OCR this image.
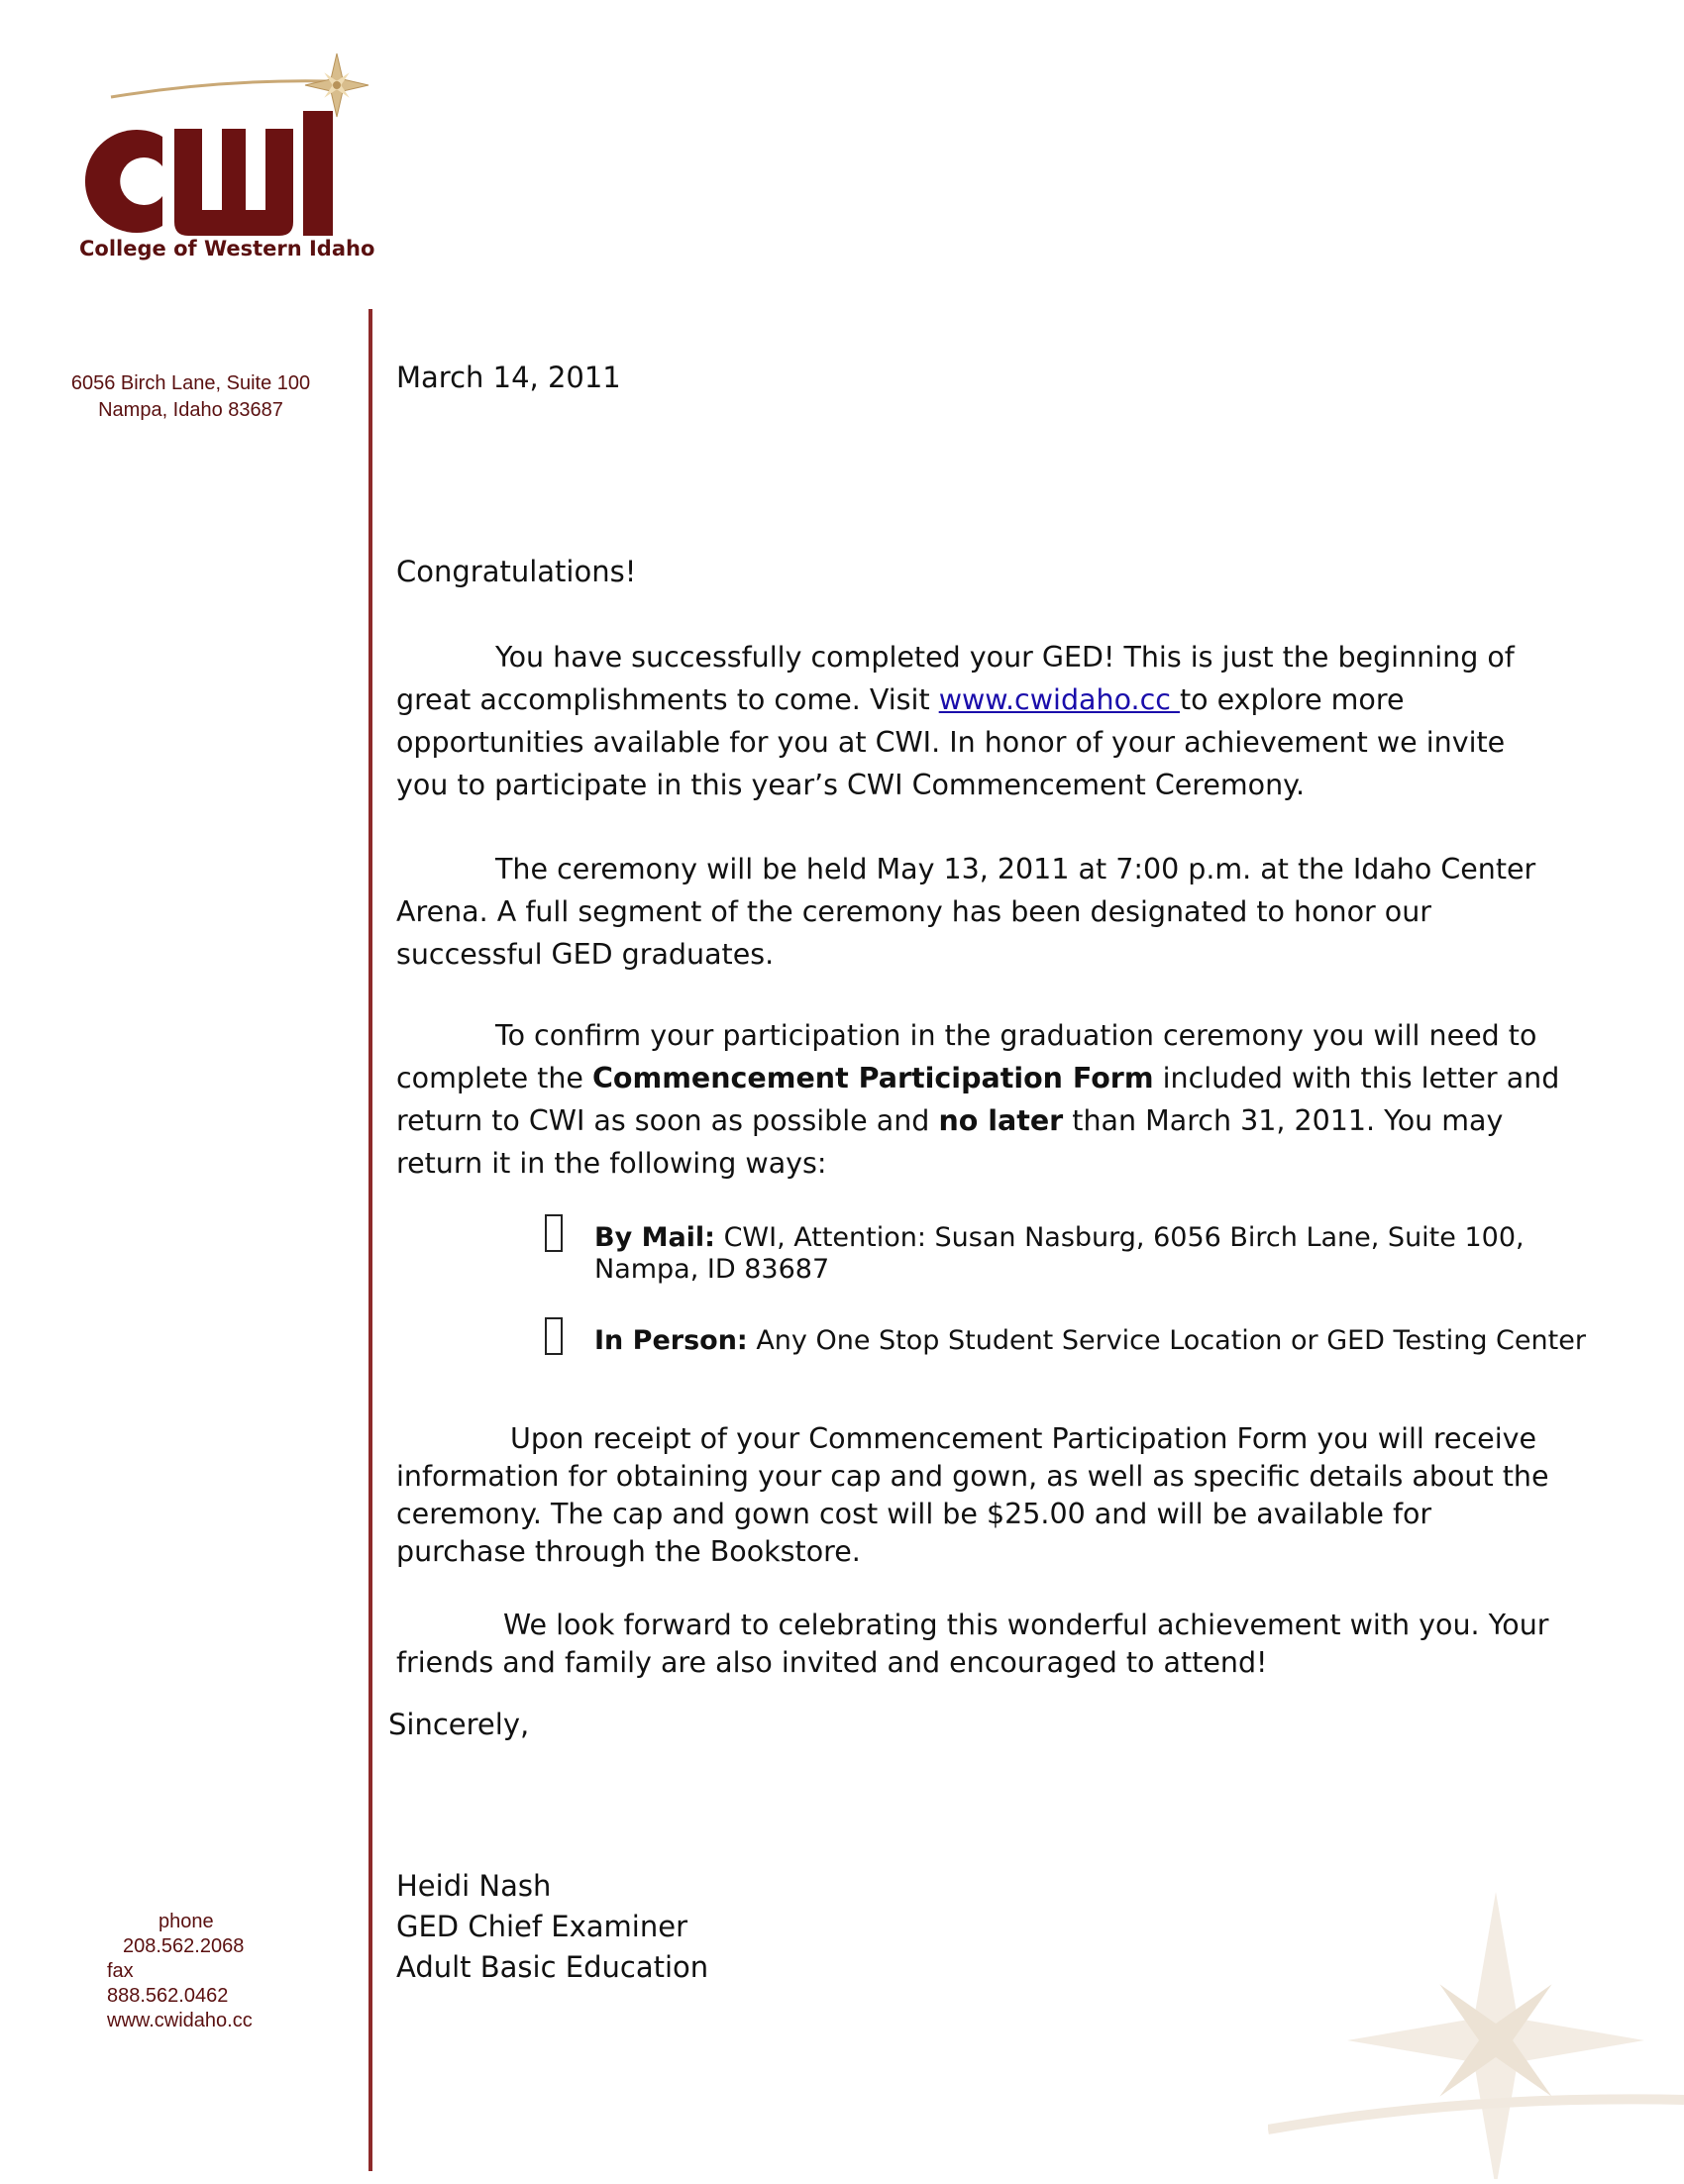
College of Western Idaho
6056 Birch Lane, Suite 100
Nampa, Idaho 83687
phone
208.562.2068
fax
888.562.0462
www.cwidaho.cc
March 14, 2011
Congratulations!
You have successfully completed your GED! This is just the beginning of great accomplishments to come. Visit www.cwidaho.cc to explore more opportunities available for you at CWI. In honor of your achievement we invite you to participate in this year’s CWI Commencement Ceremony.
The ceremony will be held May 13, 2011 at 7:00 p.m. at the Idaho Center Arena. A full segment of the ceremony has been designated to honor our successful GED graduates.
To confirm your participation in the graduation ceremony you will need to complete the Commencement Participation Form included with this letter and return to CWI as soon as possible and no later than March 31, 2011. You may return it in the following ways:
By Mail: CWI, Attention: Susan Nasburg, 6056 Birch Lane, Suite 100, Nampa, ID 83687
In Person: Any One Stop Student Service Location or GED Testing Center
Upon receipt of your Commencement Participation Form you will receive information for obtaining your cap and gown, as well as specific details about the ceremony. The cap and gown cost will be $25.00 and will be available for purchase through the Bookstore.
We look forward to celebrating this wonderful achievement with you. Your friends and family are also invited and encouraged to attend!
Sincerely,
Heidi Nash
GED Chief Examiner
Adult Basic Education
